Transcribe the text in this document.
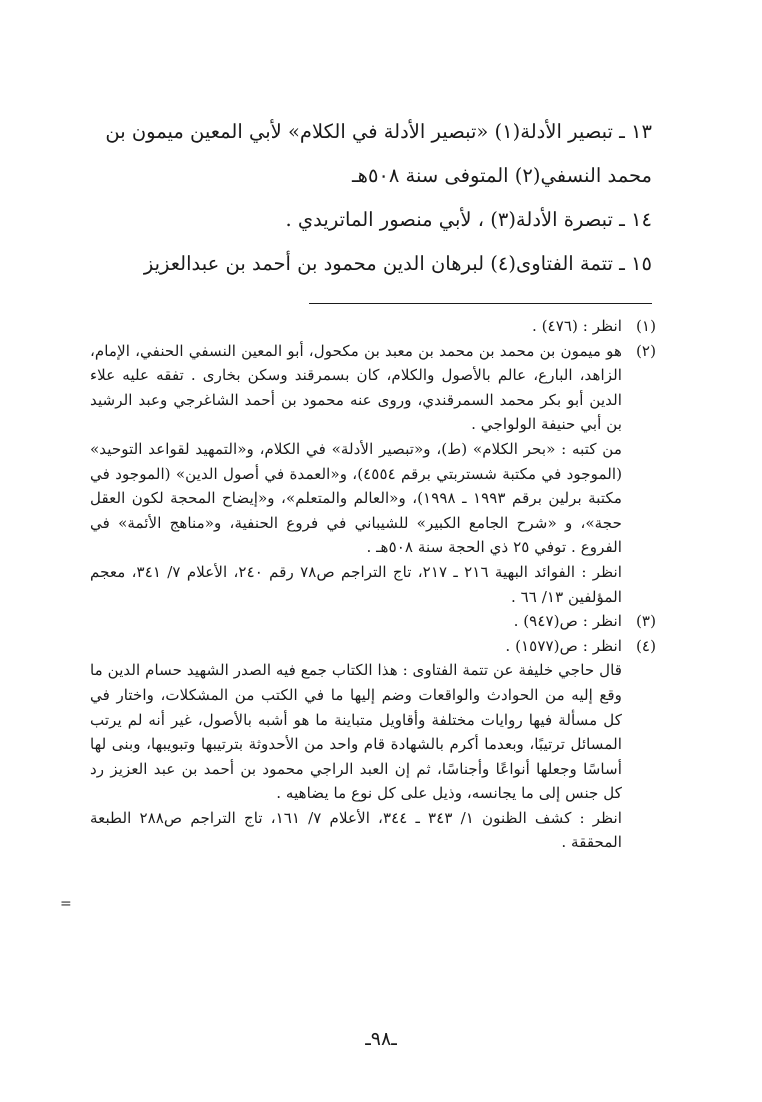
١٣ ـ تبصير الأدلة(١) «تبصير الأدلة في الكلام» لأبي المعين ميمون بن
محمد النسفي(٢) المتوفى سنة ٥٠٨هـ

١٤ ـ تبصرة الأدلة(٣) ، لأبي منصور الماتريدي .

١٥ ـ تتمة الفتاوى(٤) لبرهان الدين محمود بن أحمد بن عبدالعزيز

(١)

انظر : (٤٧٦) .

(٢)

هو ميمون بن محمد بن محمد بن معبد بن مكحول، أبو المعين النسفي الحنفي، الإمام، الزاهد، البارع، عالم بالأصول والكلام، كان بسمرقند وسكن بخارى . تفقه عليه علاء الدين أبو بكر محمد السمرقندي، وروى عنه محمود بن أحمد الشاغرجي وعبد الرشيد بن أبي حنيفة الولواجي .

من كتبه : «بحر الكلام» (ط)، و«تبصير الأدلة» في الكلام، و«التمهيد لقواعد التوحيد» (الموجود في مكتبة شستربتي برقم ٤٥٥٤)، و«العمدة في أصول الدين» (الموجود في مكتبة برلين برقم ١٩٩٣ ـ ١٩٩٨)، و«العالم والمتعلم»، و«إيضاح المحجة لكون العقل حجة»، و «شرح الجامع الكبير» للشيباني في فروع الحنفية، و«مناهج الأئمة» في الفروع . توفي ٢٥ ذي الحجة سنة ٥٠٨هـ .

انظر : الفوائد البهية ٢١٦ ـ ٢١٧، تاج التراجم ص٧٨ رقم ٢٤٠، الأعلام ٧/ ٣٤١، معجم المؤلفين ١٣/ ٦٦ .

(٣)

انظر : ص(٩٤٧) .

(٤)

انظر : ص(١٥٧٧) .

قال حاجي خليفة عن تتمة الفتاوى : هذا الكتاب جمع فيه الصدر الشهيد حسام الدين ما وقع إليه من الحوادث والواقعات وضم إليها ما في الكتب من المشكلات، واختار في كل مسألة فيها روايات مختلفة وأقاويل متباينة ما هو أشبه بالأصول، غير أنه لم يرتب المسائل ترتيبًا، وبعدما أكرم بالشهادة قام واحد من الأحدوثة بترتيبها وتبويبها، وبنى لها أساسًا وجعلها أنواعًا وأجناسًا، ثم إن العبد الراجي محمود بن أحمد بن عبد العزيز رد كل جنس إلى ما يجانسه، وذيل على كل نوع ما يضاهيه .

انظر : كشف الظنون ١/ ٣٤٣ ـ ٣٤٤، الأعلام ٧/ ١٦١، تاج التراجم ص٢٨٨ الطبعة المحققة .

=
ـ٩٨ـ
